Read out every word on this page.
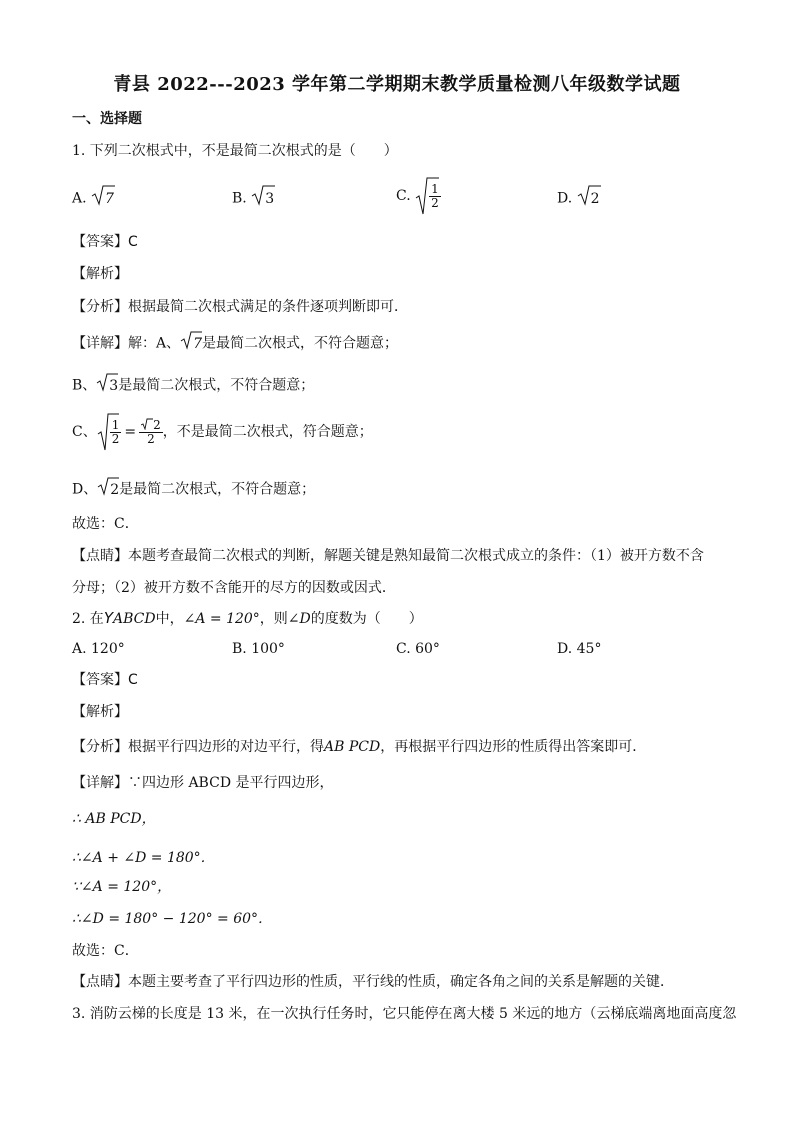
青县 2022---2023 学年第二学期期末教学质量检测八年级数学试题
一、选择题
1. 下列二次根式中，不是最简二次根式的是（　　）
A. 7	B. 3	C. $\frac{1}{2}$	D. 2
【答案】C
【解析】
【分析】根据最简二次根式满足的条件逐项判断即可．
【详解】解：A、 7是最简二次根式，不符合题意；
B、 3是最简二次根式，不符合题意；
C、 $\frac{1}{2} = \frac{2}{2}$ ，不是最简二次根式，符合题意；
D、 2是最简二次根式，不符合题意；
故选：C．
【点睛】本题考查最简二次根式的判断，解题关键是熟知最简二次根式成立的条件：（1）被开方数不含
分母；（2）被开方数不含能开的尽方的因数或因式．
2. 在YABCD中，∠A = 120°，则∠D的度数为（　　）
A. 120°	B. 100°	C. 60°	D. 45°
【答案】C
【解析】
【分析】根据平行四边形的对边平行，得AB PCD，再根据平行四边形的性质得出答案即可．
【详解】∵四边形 ABCD 是平行四边形，
∴ AB PCD，
∴∠A + ∠D = 180°．
∵∠A = 120°，
∴∠D = 180° − 120° = 60°．
故选：C．
【点睛】本题主要考查了平行四边形的性质，平行线的性质，确定各角之间的关系是解题的关键．
3. 消防云梯的长度是 13 米，在一次执行任务时，它只能停在离大楼 5 米远的地方（云梯底端离地面高度忽
